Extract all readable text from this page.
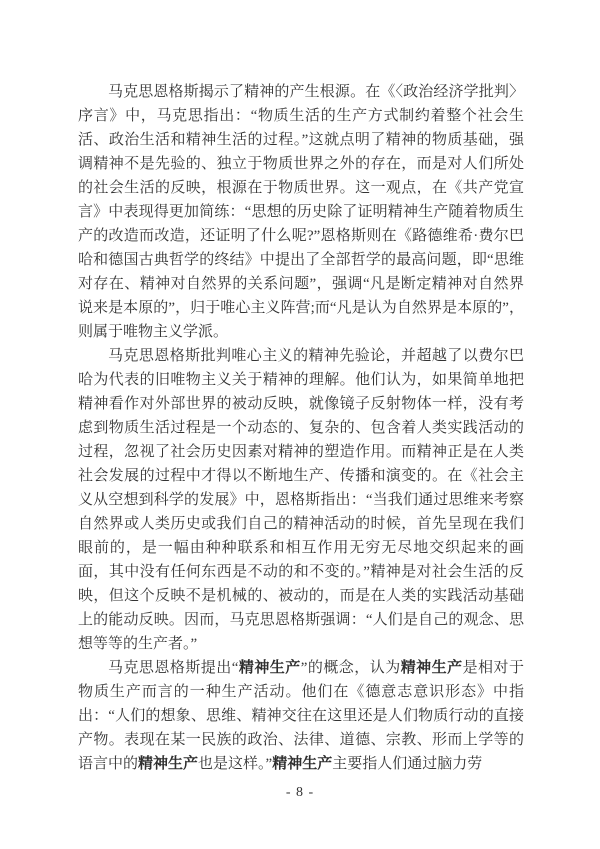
马克思恩格斯揭示了精神的产生根源。在《〈政治经济学批判〉序言》中，马克思指出：“物质生活的生产方式制约着整个社会生活、政治生活和精神生活的过程。”这就点明了精神的物质基础，强调精神不是先验的、独立于物质世界之外的存在，而是对人们所处的社会生活的反映，根源在于物质世界。这一观点，在《共产党宣言》中表现得更加简练：“思想的历史除了证明精神生产随着物质生产的改造而改造，还证明了什么呢?”恩格斯则在《路德维希·费尔巴哈和德国古典哲学的终结》中提出了全部哲学的最高问题，即“思维对存在、精神对自然界的关系问题”，强调“凡是断定精神对自然界说来是本原的”，归于唯心主义阵营;而“凡是认为自然界是本原的”，则属于唯物主义学派。

马克思恩格斯批判唯心主义的精神先验论，并超越了以费尔巴哈为代表的旧唯物主义关于精神的理解。他们认为，如果简单地把精神看作对外部世界的被动反映，就像镜子反射物体一样，没有考虑到物质生活过程是一个动态的、复杂的、包含着人类实践活动的过程，忽视了社会历史因素对精神的塑造作用。而精神正是在人类社会发展的过程中才得以不断地生产、传播和演变的。在《社会主义从空想到科学的发展》中，恩格斯指出：“当我们通过思维来考察自然界或人类历史或我们自己的精神活动的时候，首先呈现在我们眼前的，是一幅由种种联系和相互作用无穷无尽地交织起来的画面，其中没有任何东西是不动的和不变的。”精神是对社会生活的反映，但这个反映不是机械的、被动的，而是在人类的实践活动基础上的能动反映。因而，马克思恩格斯强调：“人们是自己的观念、思想等等的生产者。”

马克思恩格斯提出“精神生产”的概念，认为精神生产是相对于物质生产而言的一种生产活动。他们在《德意志意识形态》中指出：“人们的想象、思维、精神交往在这里还是人们物质行动的直接产物。表现在某一民族的政治、法律、道德、宗教、形而上学等的语言中的精神生产也是这样。”精神生产主要指人们通过脑力劳

- 8 -
